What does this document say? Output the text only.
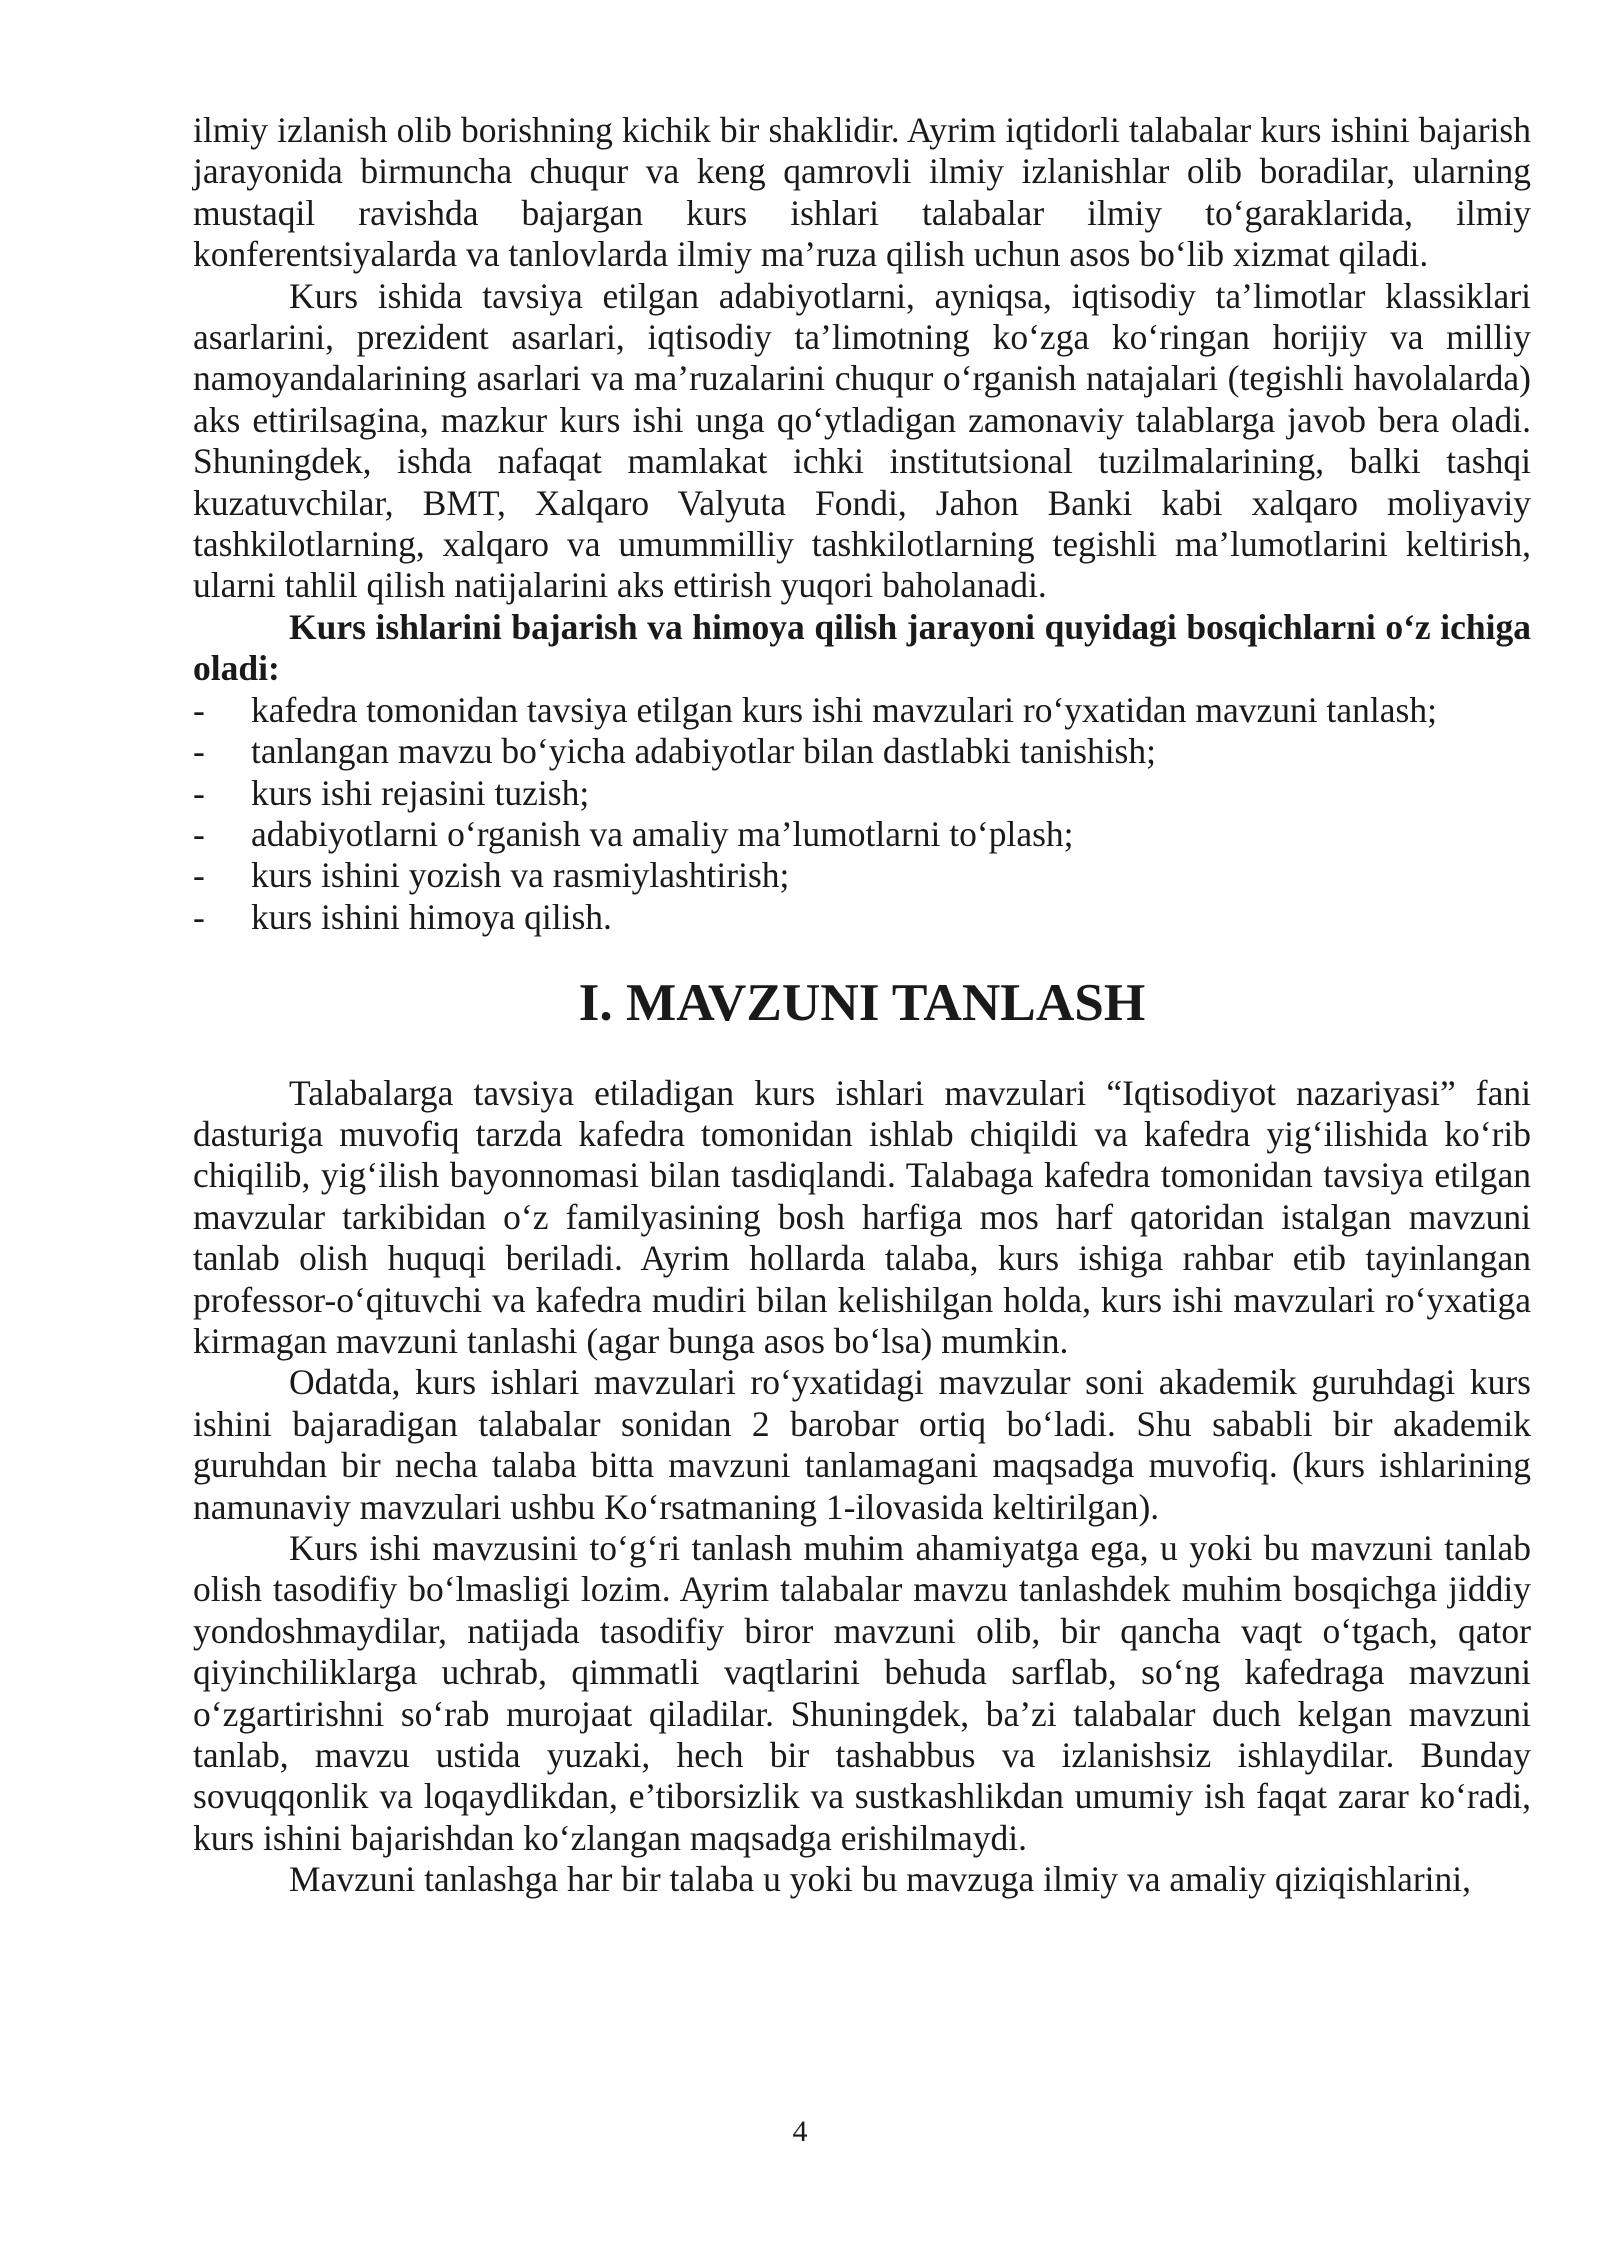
ilmiy izlanish olib borishning kichik bir shaklidir. Ayrim iqtidorli talabalar kurs ishini bajarish jarayonida birmuncha chuqur va keng qamrovli ilmiy izlanishlar olib boradilar, ularning mustaqil ravishda bajargan kurs ishlari talabalar ilmiy to‘garaklarida, ilmiy konferentsiyalarda va tanlovlarda ilmiy ma’ruza qilish uchun asos bo‘lib xizmat qiladi.

Kurs ishida tavsiya etilgan adabiyotlarni, ayniqsa, iqtisodiy ta’limotlar klassiklari asarlarini, prezident asarlari, iqtisodiy ta’limotning ko‘zga ko‘ringan horijiy va milliy namoyandalarining asarlari va ma’ruzalarini chuqur o‘rganish natajalari (tegishli havolalarda) aks ettirilsagina, mazkur kurs ishi unga qo‘ytladigan zamonaviy talablarga javob bera oladi. Shuningdek, ishda nafaqat mamlakat ichki institutsional tuzilmalarining, balki tashqi kuzatuvchilar, BMT, Xalqaro Valyuta Fondi, Jahon Banki kabi xalqaro moliyaviy tashkilotlarning, xalqaro va umummilliy tashkilotlarning tegishli ma’lumotlarini keltirish, ularni tahlil qilish natijalarini aks ettirish yuqori baholanadi.

Kurs ishlarini bajarish va himoya qilish jarayoni quyidagi bosqichlarni o‘z ichiga oladi:

- kafedra tomonidan tavsiya etilgan kurs ishi mavzulari ro‘yxatidan mavzuni tanlash;
- tanlangan mavzu bo‘yicha adabiyotlar bilan dastlabki tanishish;
- kurs ishi rejasini tuzish;
- adabiyotlarni o‘rganish va amaliy ma’lumotlarni to‘plash;
- kurs ishini yozish va rasmiylashtirish;
- kurs ishini himoya qilish.
I. MAVZUNI TANLASH

Talabalarga tavsiya etiladigan kurs ishlari mavzulari “Iqtisodiyot nazariyasi” fani dasturiga muvofiq tarzda kafedra tomonidan ishlab chiqildi va kafedra yig‘ilishida ko‘rib chiqilib, yig‘ilish bayonnomasi bilan tasdiqlandi. Talabaga kafedra tomonidan tavsiya etilgan mavzular tarkibidan o‘z familyasining bosh harfiga mos harf qatoridan istalgan mavzuni tanlab olish huquqi beriladi. Ayrim hollarda talaba, kurs ishiga rahbar etib tayinlangan professor-o‘qituvchi va kafedra mudiri bilan kelishilgan holda, kurs ishi mavzulari ro‘yxatiga kirmagan mavzuni tanlashi (agar bunga asos bo‘lsa) mumkin.

Odatda, kurs ishlari mavzulari ro‘yxatidagi mavzular soni akademik guruhdagi kurs ishini bajaradigan talabalar sonidan 2 barobar ortiq bo‘ladi. Shu sababli bir akademik guruhdan bir necha talaba bitta mavzuni tanlamagani maqsadga muvofiq. (kurs ishlarining namunaviy mavzulari ushbu Ko‘rsatmaning 1-ilovasida keltirilgan).

Kurs ishi mavzusini to‘g‘ri tanlash muhim ahamiyatga ega, u yoki bu mavzuni tanlab olish tasodifiy bo‘lmasligi lozim. Ayrim talabalar mavzu tanlashdek muhim bosqichga jiddiy yondoshmaydilar, natijada tasodifiy biror mavzuni olib, bir qancha vaqt o‘tgach, qator qiyinchiliklarga uchrab, qimmatli vaqtlarini behuda sarflab, so‘ng kafedraga mavzuni o‘zgartirishni so‘rab murojaat qiladilar. Shuningdek, ba’zi talabalar duch kelgan mavzuni tanlab, mavzu ustida yuzaki, hech bir tashabbus va izlanishsiz ishlaydilar. Bunday sovuqqonlik va loqaydlikdan, e’tiborsizlik va sustkashlikdan umumiy ish faqat zarar ko‘radi, kurs ishini bajarishdan ko‘zlangan maqsadga erishilmaydi.

Mavzuni tanlashga har bir talaba u yoki bu mavzuga ilmiy va amaliy qiziqishlarini,

4
